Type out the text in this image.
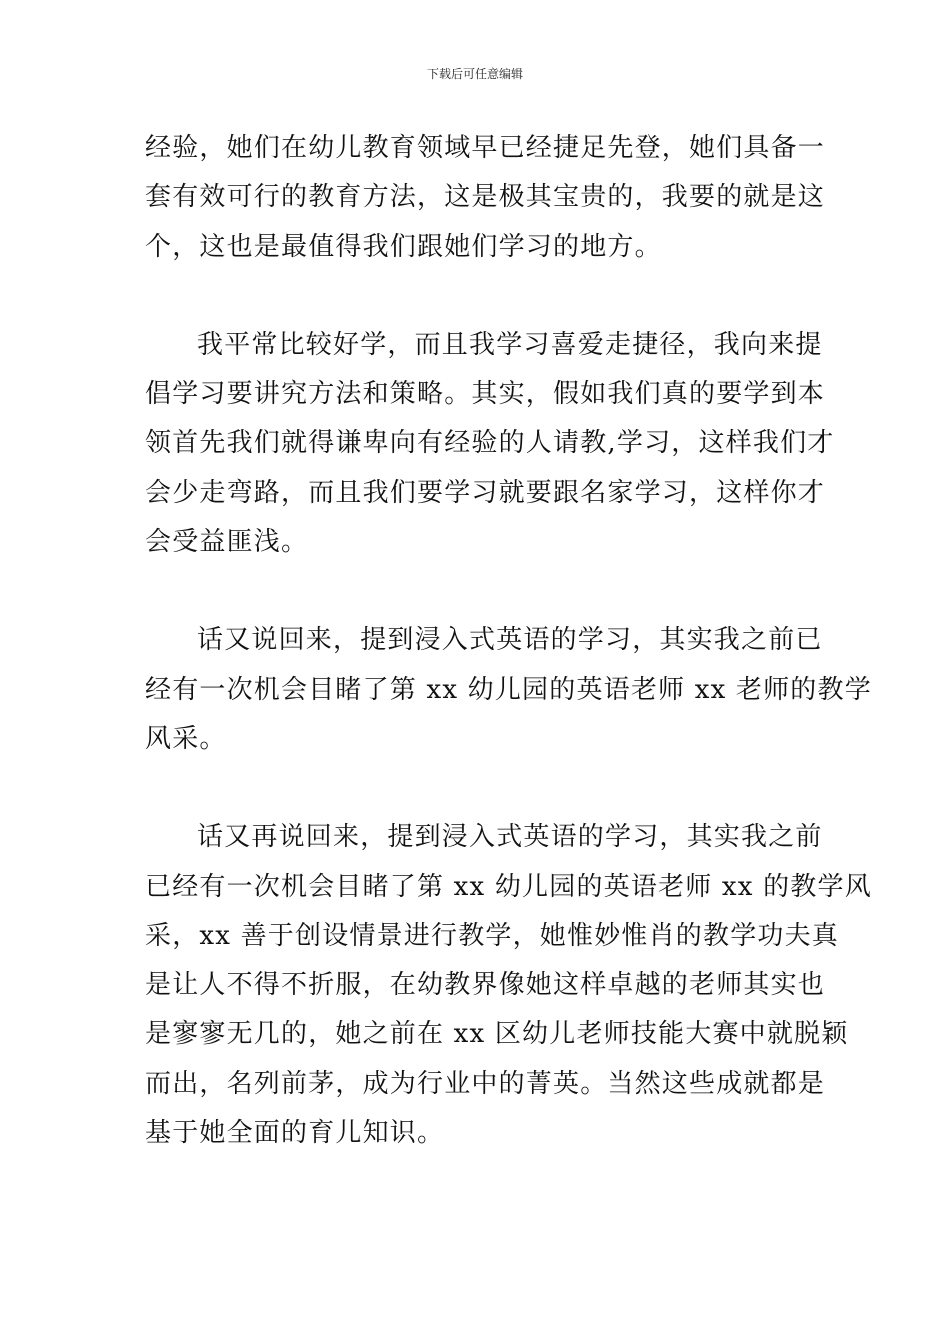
下载后可任意编辑
经验，她们在幼儿教育领域早已经捷足先登，她们具备一
套有效可行的教育方法，这是极其宝贵的，我要的就是这
个，这也是最值得我们跟她们学习的地方。
我平常比较好学，而且我学习喜爱走捷径，我向来提
倡学习要讲究方法和策略。其实，假如我们真的要学到本
领首先我们就得谦卑向有经验的人请教,学习，这样我们才
会少走弯路，而且我们要学习就要跟名家学习，这样你才
会受益匪浅。
话又说回来，提到浸入式英语的学习，其实我之前已
经有一次机会目睹了第 xx 幼儿园的英语老师 xx 老师的教学
风采。
话又再说回来，提到浸入式英语的学习，其实我之前
已经有一次机会目睹了第 xx 幼儿园的英语老师 xx 的教学风
采，xx 善于创设情景进行教学，她惟妙惟肖的教学功夫真
是让人不得不折服，在幼教界像她这样卓越的老师其实也
是寥寥无几的，她之前在 xx 区幼儿老师技能大赛中就脱颖
而出，名列前茅，成为行业中的菁英。当然这些成就都是
基于她全面的育儿知识。
